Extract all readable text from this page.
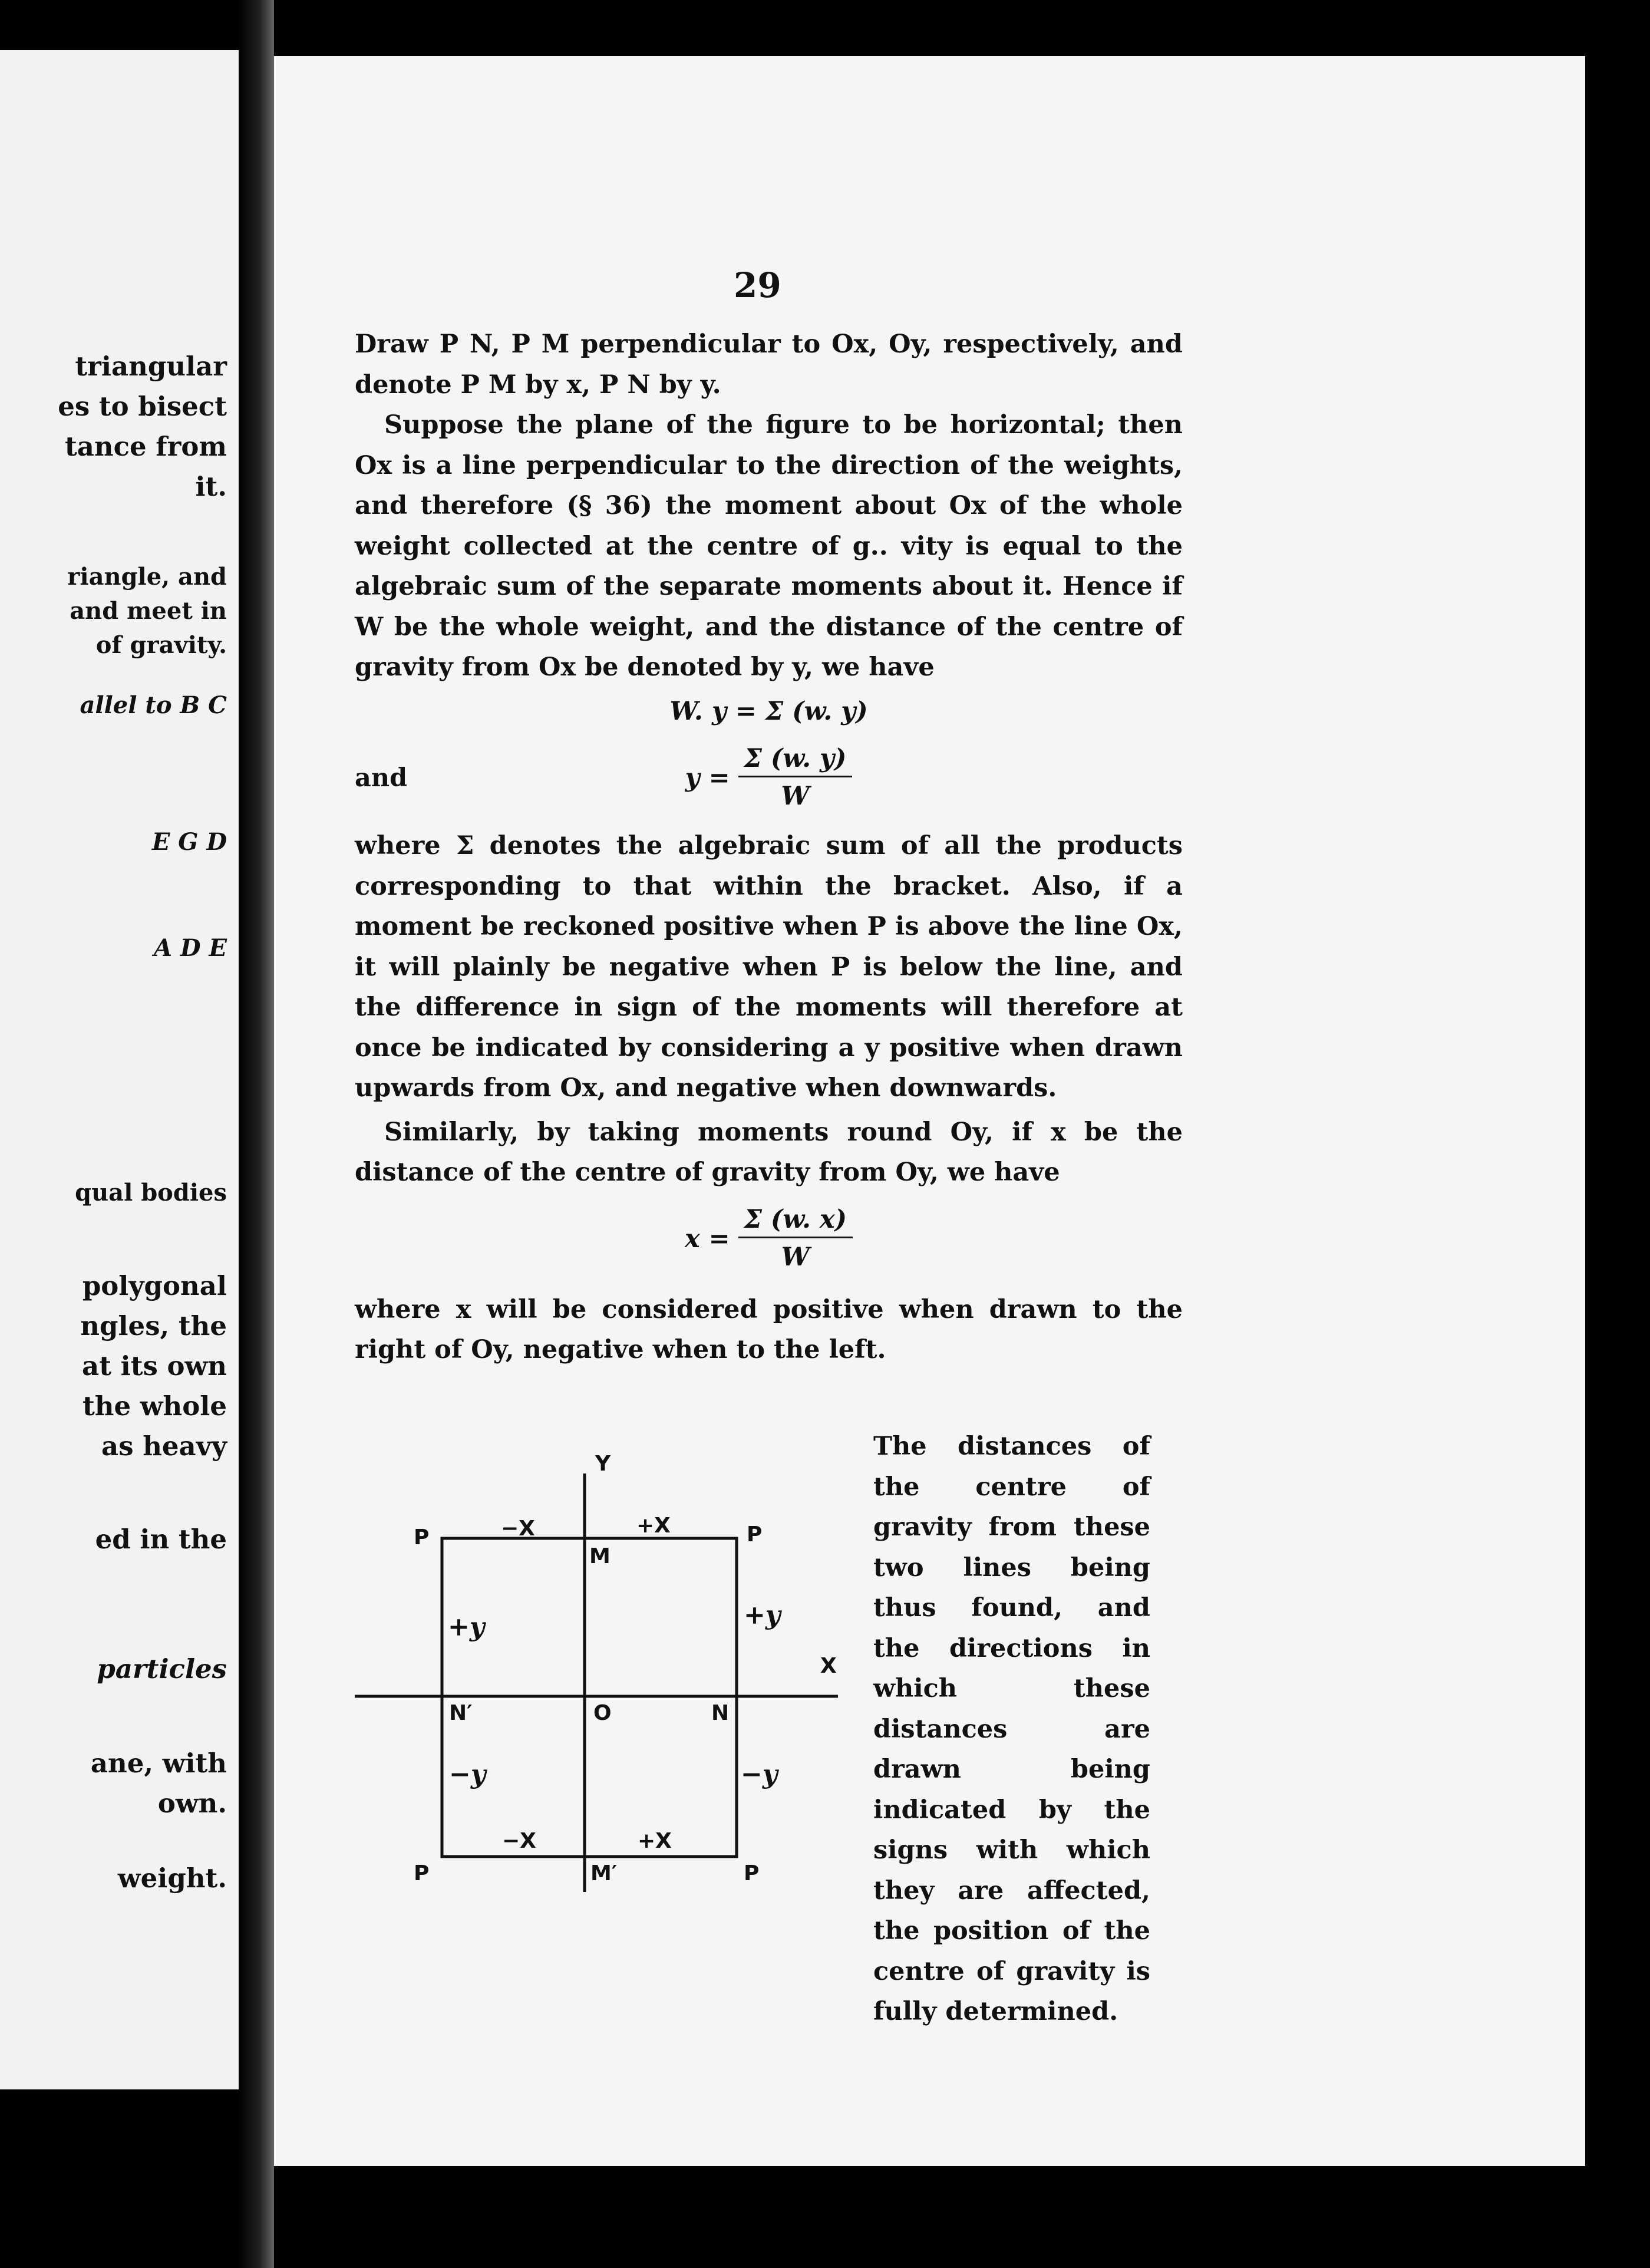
triangular
es to bisect
tance from
it.
riangle, and
and meet in
of gravity.
allel to B C
E G D
A D E
qual bodies
polygonal
ngles, the
at its own
the whole
as heavy
ed in the
particles
ane, with
own.
weight.
29

Draw P N, P M perpendicular to Ox, Oy, respectively, and denote P M by x, P N by y.

Suppose the plane of the figure to be horizontal; then Ox is a line perpendicular to the direction of the weights, and therefore (§ 36) the moment about Ox of the whole weight collected at the centre of g.. vity is equal to the algebraic sum of the separate moments about it. Hence if W be the whole weight, and the distance of the centre of gravity from Ox be denoted by y, we have

W. y = Σ (w. y)

and	$y = \frac{\Sigma (w. y)}{W}$

where Σ denotes the algebraic sum of all the products corresponding to that within the bracket. Also, if a moment be reckoned positive when P is above the line Ox, it will plainly be negative when P is below the line, and the difference in sign of the moments will therefore at once be indicated by considering a y positive when drawn upwards from Ox, and negative when downwards.

Similarly, by taking moments round Oy, if x be the distance of the centre of gravity from Oy, we have

$x = \frac{\Sigma (w. x)}{W}$

where x will be considered positive when drawn to the right of Oy, negative when to the left.

Y
X
O
P	P
P	P
M
M′
N′	N
−X	+X
−X	+X
+y	+y
−y	−y
The distances of the centre of gravity from these two lines being thus found, and the directions in which these distances are drawn being indicated by the signs with which they are affected, the position of the centre of gravity is fully determined.
